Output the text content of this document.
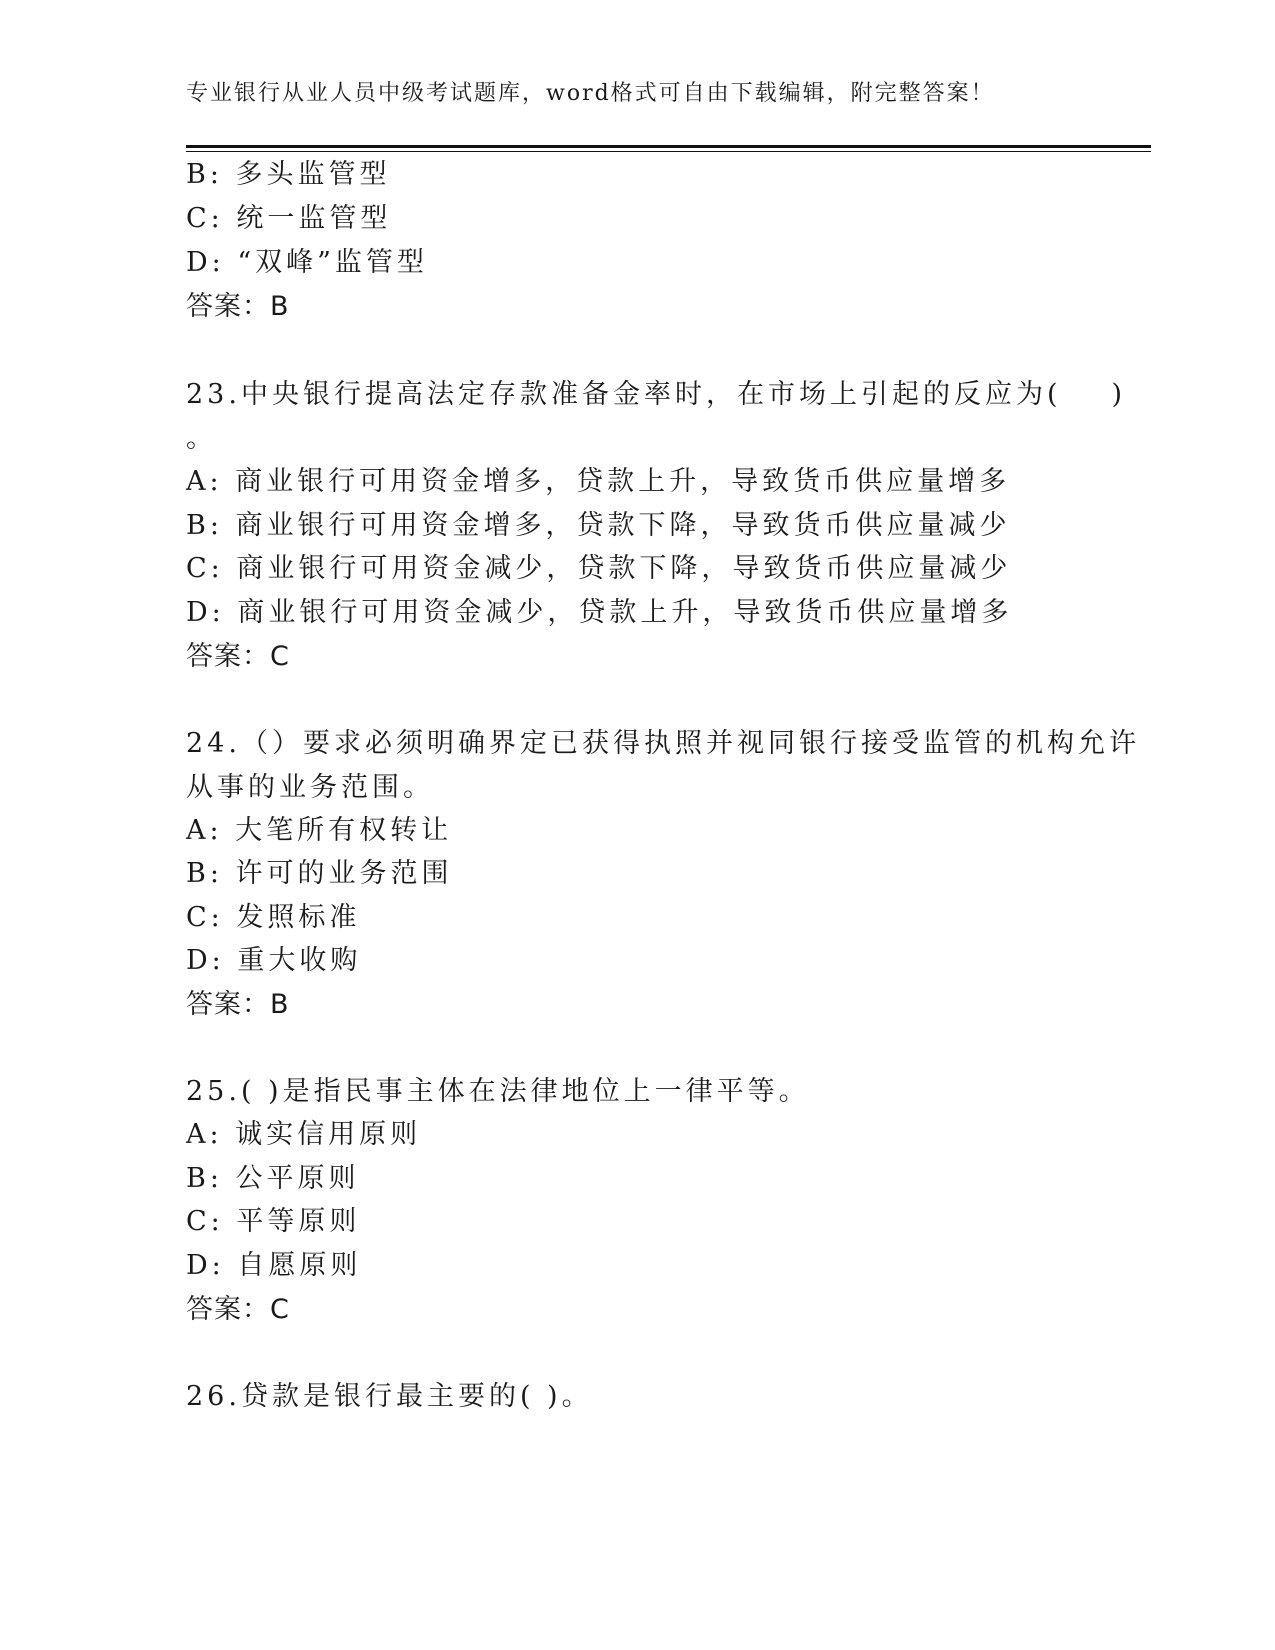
专业银行从业人员中级考试题库，word格式可自由下载编辑，附完整答案！
B: 多头监管型
C: 统一监管型
D: “双峰”监管型
答案：B
23.中央银行提高法定存款准备金率时，在市场上引起的反应为( )
。
A: 商业银行可用资金增多，贷款上升，导致货币供应量增多
B: 商业银行可用资金增多，贷款下降，导致货币供应量减少
C: 商业银行可用资金减少，贷款下降，导致货币供应量减少
D: 商业银行可用资金减少，贷款上升，导致货币供应量增多
答案：C
24.（）要求必须明确界定已获得执照并视同银行接受监管的机构允许
从事的业务范围。
A: 大笔所有权转让
B: 许可的业务范围
C: 发照标准
D: 重大收购
答案：B
25.( )是指民事主体在法律地位上一律平等。
A: 诚实信用原则
B: 公平原则
C: 平等原则
D: 自愿原则
答案：C
26.贷款是银行最主要的( )。
